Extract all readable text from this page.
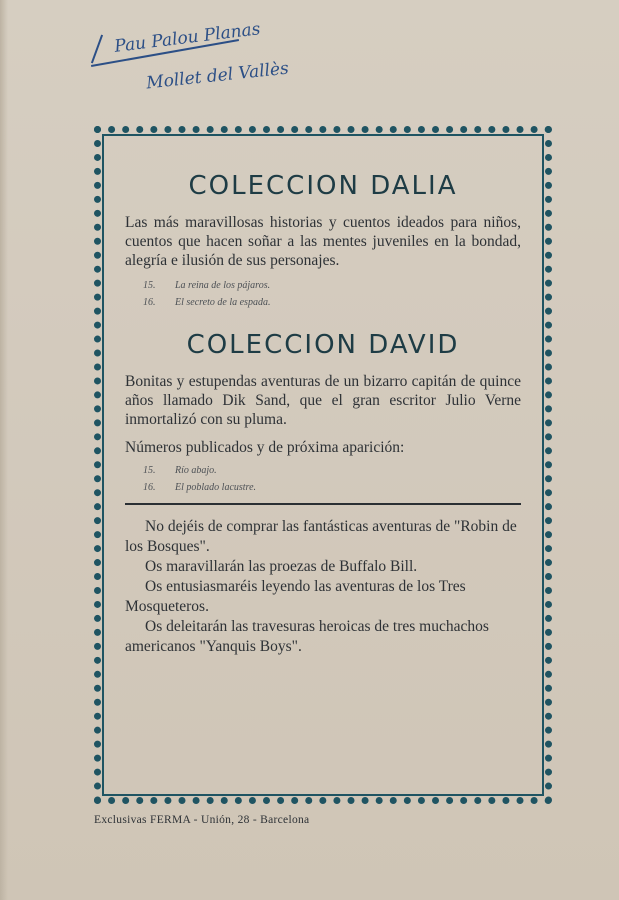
Pau Palou Planas
Mollet del Vallès
COLECCION DALIA

Las más maravillosas historias y cuentos ideados para niños, cuentos que hacen soñar a las mentes juveniles en la bondad, alegría e ilusión de sus personajes.

15. La reina de los pájaros.
16. El secreto de la espada.
COLECCION DAVID

Bonitas y estupendas aventuras de un bizarro capitán de quince años llamado Dik Sand, que el gran escritor Julio Verne inmortalizó con su pluma.

Números publicados y de próxima aparición:

15. Río abajo.
16. El poblado lacustre.

No dejéis de comprar las fantásticas aventuras de "Robin de los Bosques".

Os maravillarán las proezas de Buffalo Bill.

Os entusiasmaréis leyendo las aventuras de los Tres Mosqueteros.

Os deleitarán las travesuras heroicas de tres muchachos americanos "Yanquis Boys".

Exclusivas FERMA - Unión, 28 - Barcelona
